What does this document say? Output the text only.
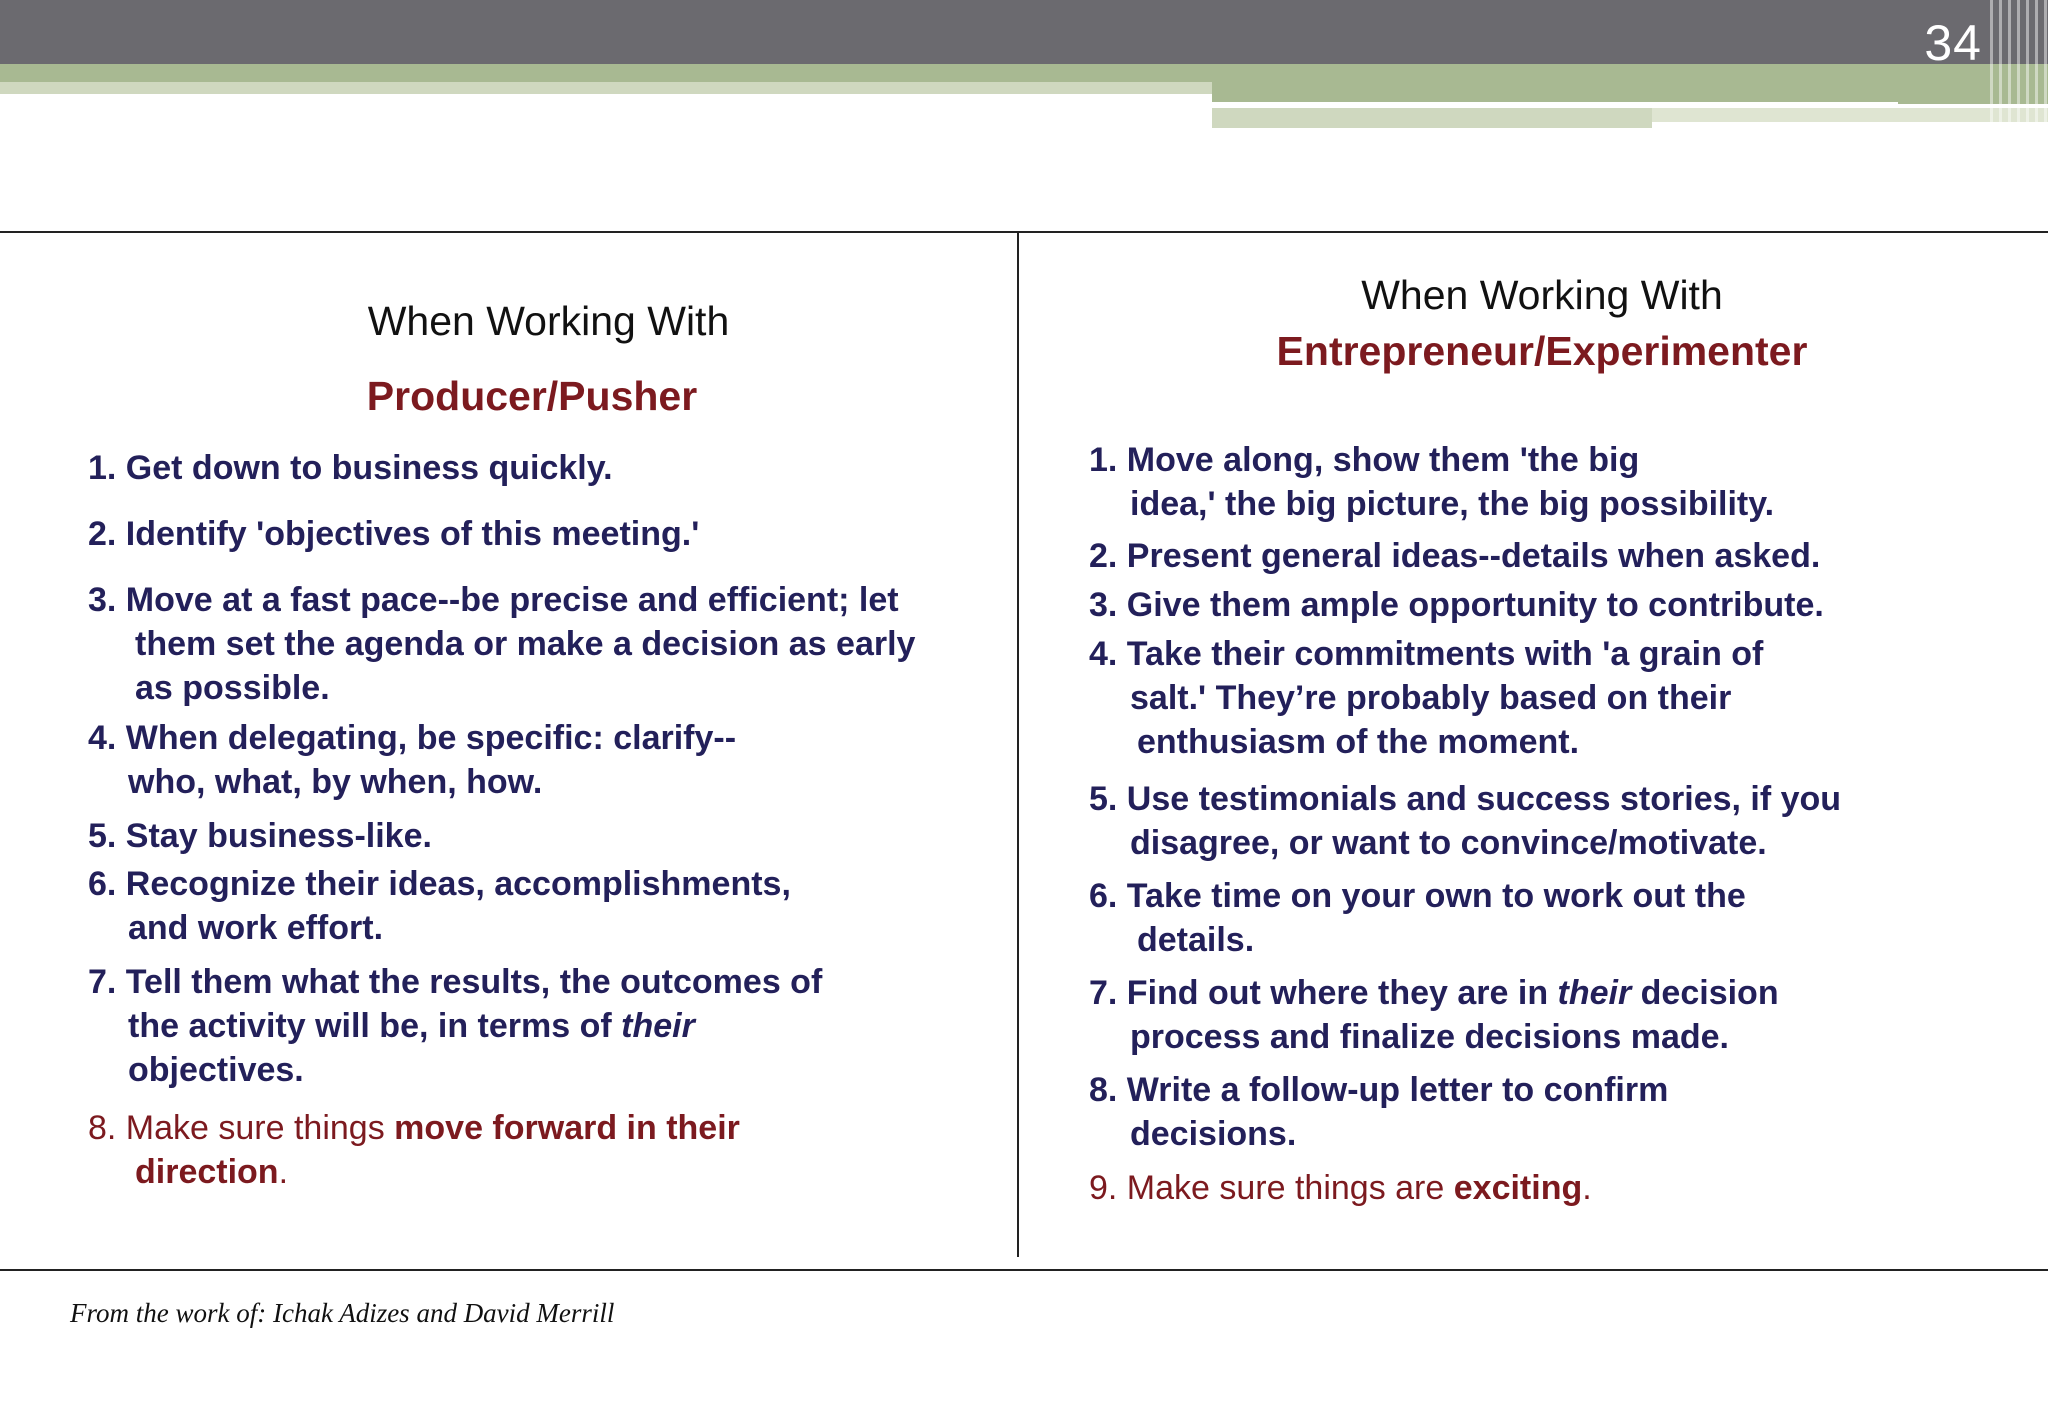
34
When Working With
Producer/Pusher
1. Get down to business quickly.
2. Identify 'objectives of this meeting.'
3. Move at a fast pace--be precise and efficient; let
them set the agenda or make a decision as early
as possible.
4. When delegating, be specific: clarify--
who, what, by when, how.
5. Stay business-like.
6. Recognize their ideas, accomplishments,
and work effort.
7. Tell them what the results, the outcomes of
the activity will be, in terms of their
objectives.
8. Make sure things move forward in their
direction.
When Working With
Entrepreneur/Experimenter
1. Move along, show them 'the big
idea,' the big picture, the big possibility.
2. Present general ideas--details when asked.
3. Give them ample opportunity to contribute.
4. Take their commitments with 'a grain of
salt.' They’re probably based on their
enthusiasm of the moment.
5. Use testimonials and success stories, if you
disagree, or want to convince/motivate.
6. Take time on your own to work out the
details.
7. Find out where they are in their decision
process and finalize decisions made.
8. Write a follow-up letter to confirm
decisions.
9. Make sure things are exciting.
From the work of: Ichak Adizes and David Merrill
